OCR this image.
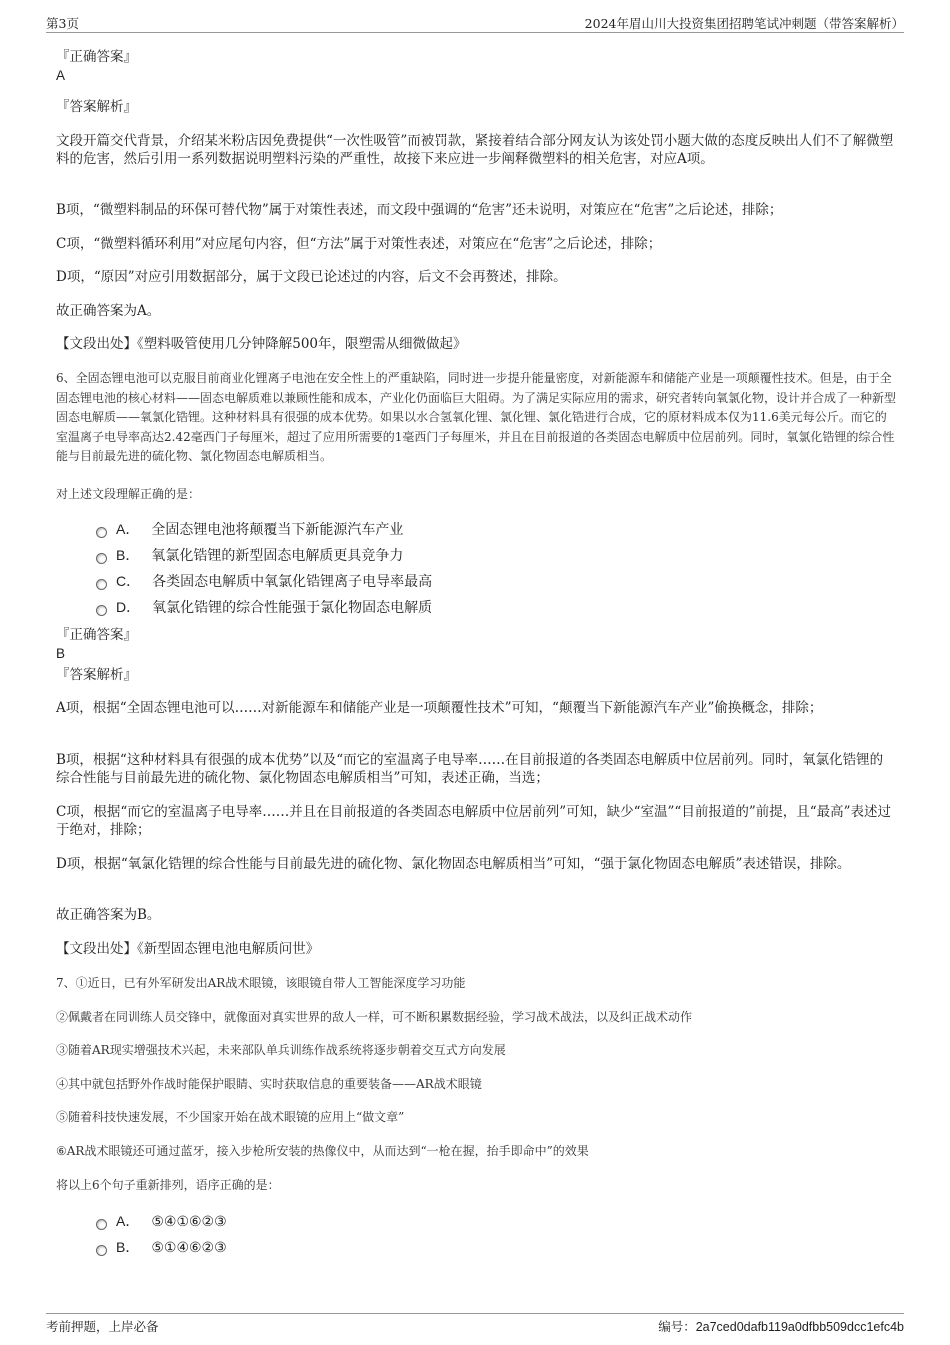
第3页	2024年眉山川大投资集团招聘笔试冲刺题（带答案解析）
『正确答案』
A
『答案解析』
文段开篇交代背景，介绍某米粉店因免费提供“一次性吸管”而被罚款，紧接着结合部分网友认为该处罚小题大做的态度反映出人们不了解微塑料的危害，然后引用一系列数据说明塑料污染的严重性，故接下来应进一步阐释微塑料的相关危害，对应A项。
B项，“微塑料制品的环保可替代物”属于对策性表述，而文段中强调的“危害”还未说明，对策应在“危害”之后论述，排除；
C项，“微塑料循环利用”对应尾句内容，但“方法”属于对策性表述，对策应在“危害”之后论述，排除；
D项，“原因”对应引用数据部分，属于文段已论述过的内容，后文不会再赘述，排除。
故正确答案为A。
【文段出处】《塑料吸管使用几分钟降解500年，限塑需从细微做起》
6、全固态锂电池可以克服目前商业化锂离子电池在安全性上的严重缺陷，同时进一步提升能量密度，对新能源车和储能产业是一项颠覆性技术。但是，由于全固态锂电池的核心材料——固态电解质难以兼顾性能和成本，产业化仍面临巨大阻碍。为了满足实际应用的需求，研究者转向氧氯化物，设计并合成了一种新型固态电解质——氧氯化锆锂。这种材料具有很强的成本优势。如果以水合氢氧化锂、氯化锂、氯化锆进行合成，它的原材料成本仅为11.6美元每公斤。而它的室温离子电导率高达2.42毫西门子每厘米，超过了应用所需要的1毫西门子每厘米，并且在目前报道的各类固态电解质中位居前列。同时，氧氯化锆锂的综合性能与目前最先进的硫化物、氯化物固态电解质相当。
对上述文段理解正确的是：
A． 全固态锂电池将颠覆当下新能源汽车产业
B． 氧氯化锆锂的新型固态电解质更具竞争力
C． 各类固态电解质中氧氯化锆锂离子电导率最高
D． 氧氯化锆锂的综合性能强于氯化物固态电解质
『正确答案』
B
『答案解析』
A项，根据“全固态锂电池可以……对新能源车和储能产业是一项颠覆性技术”可知，“颠覆当下新能源汽车产业”偷换概念，排除；
B项，根据“这种材料具有很强的成本优势”以及“而它的室温离子电导率……在目前报道的各类固态电解质中位居前列。同时，氧氯化锆锂的综合性能与目前最先进的硫化物、氯化物固态电解质相当”可知，表述正确，当选；
C项，根据“而它的室温离子电导率……并且在目前报道的各类固态电解质中位居前列”可知，缺少“室温”“目前报道的”前提，且“最高”表述过于绝对，排除；
D项，根据“氧氯化锆锂的综合性能与目前最先进的硫化物、氯化物固态电解质相当”可知，“强于氯化物固态电解质”表述错误，排除。
故正确答案为B。
【文段出处】《新型固态锂电池电解质问世》
7、①近日，已有外军研发出AR战术眼镜，该眼镜自带人工智能深度学习功能
②佩戴者在同训练人员交锋中，就像面对真实世界的敌人一样，可不断积累数据经验，学习战术战法，以及纠正战术动作
③随着AR现实增强技术兴起，未来部队单兵训练作战系统将逐步朝着交互式方向发展
④其中就包括野外作战时能保护眼睛、实时获取信息的重要装备——AR战术眼镜
⑤随着科技快速发展，不少国家开始在战术眼镜的应用上“做文章”
⑥AR战术眼镜还可通过蓝牙，接入步枪所安装的热像仪中，从而达到“一枪在握，抬手即命中”的效果
将以上6个句子重新排列，语序正确的是：
A． ⑤④①⑥②③
B． ⑤①④⑥②③
考前押题，上岸必备	编号：2a7ced0dafb119a0dfbb509dcc1efc4b
